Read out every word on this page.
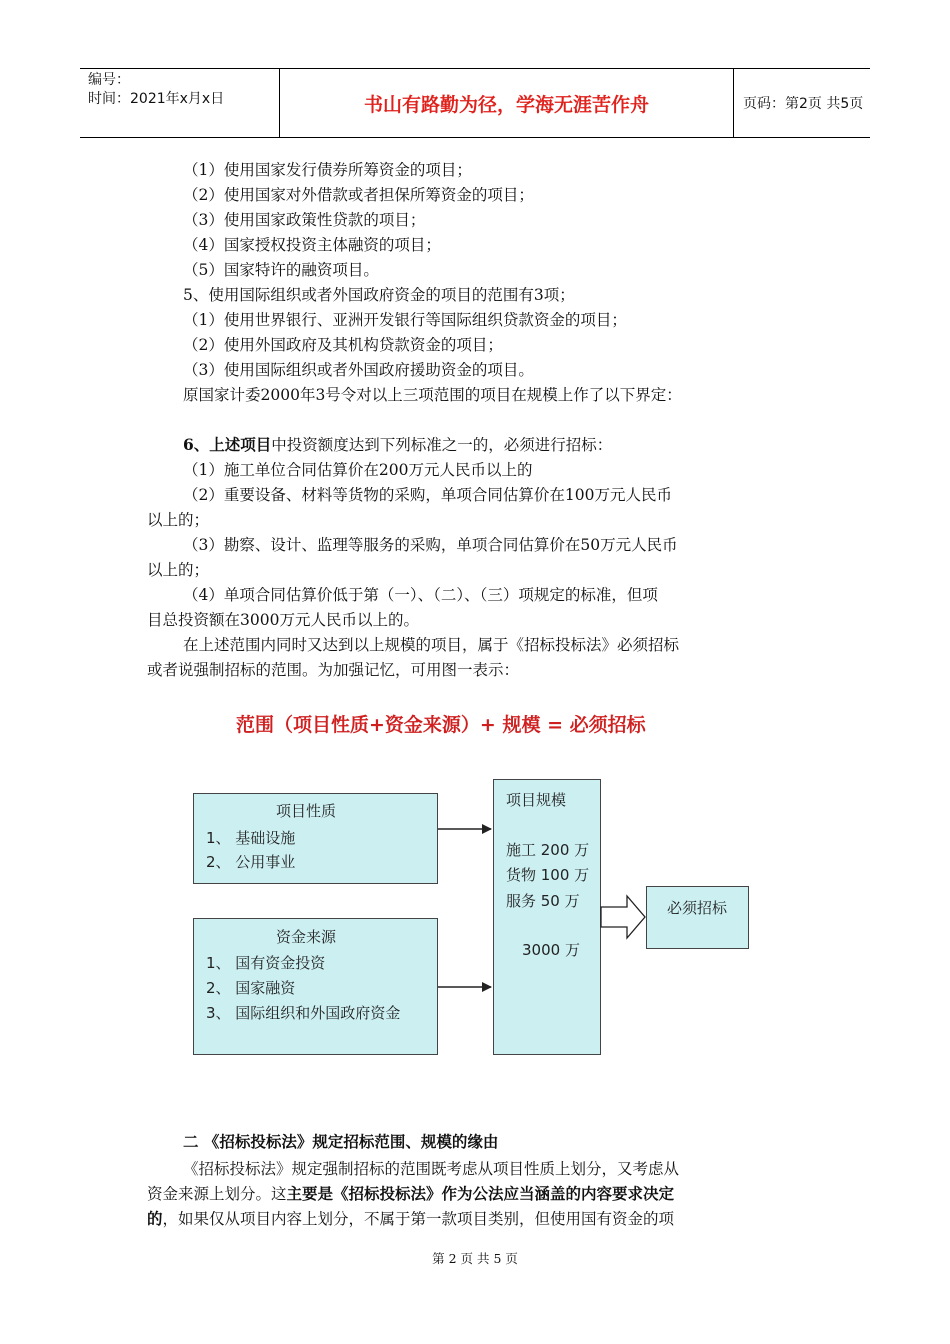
编号：
时间：2021年x月x日	书山有路勤为径，学海无涯苦作舟	页码：第2页 共5页
（1）使用国家发行债券所筹资金的项目；
（2）使用国家对外借款或者担保所筹资金的项目；
（3）使用国家政策性贷款的项目；
（4）国家授权投资主体融资的项目；
（5）国家特许的融资项目。
5、使用国际组织或者外国政府资金的项目的范围有3项；
（1）使用世界银行、亚洲开发银行等国际组织贷款资金的项目；
（2）使用外国政府及其机构贷款资金的项目；
（3）使用国际组织或者外国政府援助资金的项目。
原国家计委2000年3号令对以上三项范围的项目在规模上作了以下界定：
6、上述项目中投资额度达到下列标准之一的，必须进行招标：
（1）施工单位合同估算价在200万元人民币以上的
（2）重要设备、材料等货物的采购，单项合同估算价在100万元人民币
以上的；
（3）勘察、设计、监理等服务的采购，单项合同估算价在50万元人民币
以上的；
（4）单项合同估算价低于第（一）、（二）、（三）项规定的标准，但项
目总投资额在3000万元人民币以上的。
在上述范围内同时又达到以上规模的项目，属于《招标投标法》必须招标
或者说强制招标的范围。为加强记忆，可用图一表示：
范围（项目性质+资金来源）+ 规模 = 必须招标
项目性质
1、 基础设施
2、 公用事业
资金来源
1、 国有资金投资
2、 国家融资
3、 国际组织和外国政府资金
项目规模
施工 200 万
货物 100 万
服务 50 万
3000 万
必须招标
二 《招标投标法》规定招标范围、规模的缘由
《招标投标法》规定强制招标的范围既考虑从项目性质上划分，又考虑从
资金来源上划分。这主要是《招标投标法》作为公法应当涵盖的内容要求决定
的，如果仅从项目内容上划分，不属于第一款项目类别，但使用国有资金的项
第 2 页 共 5 页
